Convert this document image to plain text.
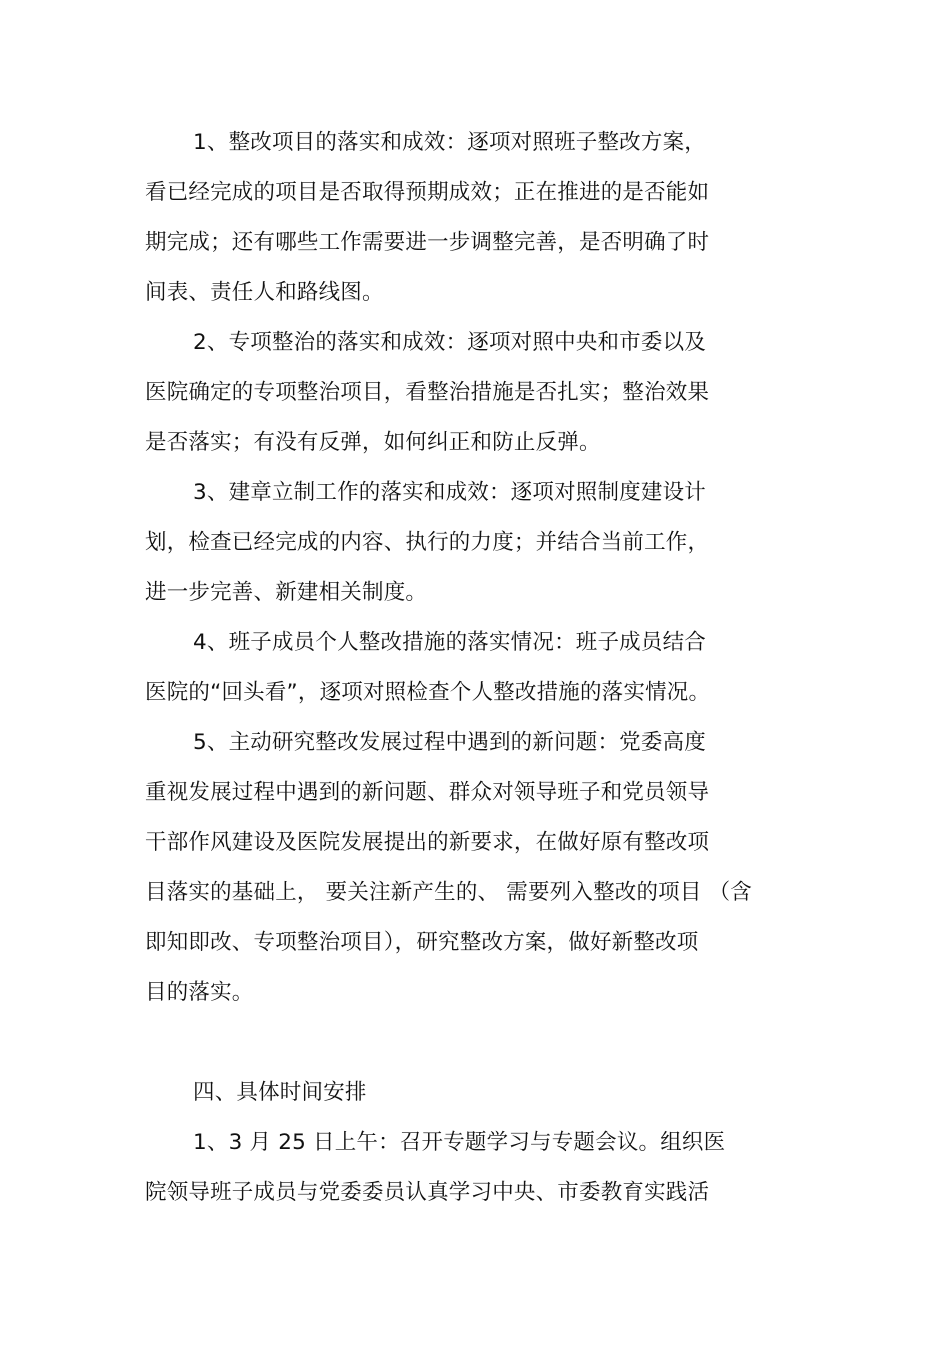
1、整改项目的落实和成效：逐项对照班子整改方案，
看已经完成的项目是否取得预期成效；正在推进的是否能如
期完成；还有哪些工作需要进一步调整完善，是否明确了时
间表、责任人和路线图。
2、专项整治的落实和成效：逐项对照中央和市委以及
医院确定的专项整治项目，看整治措施是否扎实；整治效果
是否落实；有没有反弹，如何纠正和防止反弹。
3、建章立制工作的落实和成效：逐项对照制度建设计
划，检查已经完成的内容、执行的力度；并结合当前工作，
进一步完善、新建相关制度。
4、班子成员个人整改措施的落实情况：班子成员结合
医院的“回头看”，逐项对照检查个人整改措施的落实情况。
5、主动研究整改发展过程中遇到的新问题：党委高度
重视发展过程中遇到的新问题、群众对领导班子和党员领导
干部作风建设及医院发展提出的新要求，在做好原有整改项
目落实的基础上， 要关注新产生的、 需要列入整改的项目 （含
即知即改、专项整治项目），研究整改方案，做好新整改项
目的落实。
四、具体时间安排
1、3 月 25 日上午：召开专题学习与专题会议。组织医
院领导班子成员与党委委员认真学习中央、市委教育实践活
